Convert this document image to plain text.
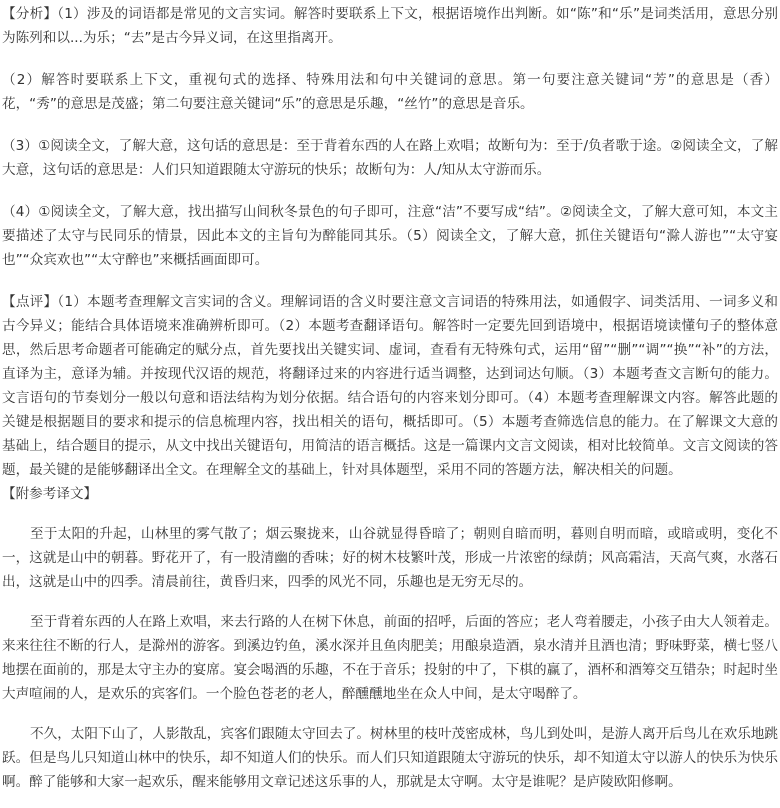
【分析】（1）涉及的词语都是常见的文言实词。解答时要联系上下文，根据语境作出判断。如“陈”和“乐”是词类活用，意思分别为陈列和以...为乐；“去”是古今异义词，在这里指离开。

（2）解答时要联系上下文，重视句式的选择、特殊用法和句中关键词的意思。第一句要注意关键词“芳”的意思是（香）花，“秀”的意思是茂盛；第二句要注意关键词“乐”的意思是乐趣，“丝竹”的意思是音乐。

（3）①阅读全文，了解大意，这句话的意思是：至于背着东西的人在路上欢唱；故断句为：至于/负者歌于途。②阅读全文，了解大意，这句话的意思是：人们只知道跟随太守游玩的快乐；故断句为：人/知从太守游而乐。

（4）①阅读全文，了解大意，找出描写山间秋冬景色的句子即可，注意“洁”不要写成“结”。②阅读全文，了解大意可知，本文主要描述了太守与民同乐的情景，因此本文的主旨句为醉能同其乐。（5）阅读全文，了解大意，抓住关键语句“滁人游也”“太守宴也”“众宾欢也”“太守醉也”来概括画面即可。

【点评】（1）本题考查理解文言实词的含义。理解词语的含义时要注意文言词语的特殊用法，如通假字、词类活用、一词多义和古今异义；能结合具体语境来准确辨析即可。（2）本题考查翻译语句。解答时一定要先回到语境中，根据语境读懂句子的整体意思，然后思考命题者可能确定的赋分点，首先要找出关键实词、虚词，查看有无特殊句式，运用“留”“删”“调”“换”“补”的方法，直译为主，意译为辅。并按现代汉语的规范，将翻译过来的内容进行适当调整，达到词达句顺。（3）本题考查文言断句的能力。文言语句的节奏划分一般以句意和语法结构为划分依据。结合语句的内容来划分即可。（4）本题考查理解课文内容。解答此题的关键是根据题目的要求和提示的信息梳理内容，找出相关的语句，概括即可。（5）本题考查筛选信息的能力。在了解课文大意的基础上，结合题目的提示，从文中找出关键语句，用简洁的语言概括。这是一篇课内文言文阅读，相对比较简单。文言文阅读的答题，最关键的是能够翻译出全文。在理解全文的基础上，针对具体题型，采用不同的答题方法，解决相关的问题。

【附参考译文】

至于太阳的升起，山林里的雾气散了；烟云聚拢来，山谷就显得昏暗了；朝则自暗而明，暮则自明而暗，或暗或明，变化不一，这就是山中的朝暮。野花开了，有一股清幽的香味；好的树木枝繁叶茂，形成一片浓密的绿荫；风高霜洁，天高气爽，水落石出，这就是山中的四季。清晨前往，黄昏归来，四季的风光不同，乐趣也是无穷无尽的。

至于背着东西的人在路上欢唱，来去行路的人在树下休息，前面的招呼，后面的答应；老人弯着腰走，小孩子由大人领着走。来来往往不断的行人，是滁州的游客。到溪边钓鱼，溪水深并且鱼肉肥美；用酿泉造酒，泉水清并且酒也清；野味野菜，横七竖八地摆在面前的，那是太守主办的宴席。宴会喝酒的乐趣，不在于音乐；投射的中了，下棋的赢了，酒杯和酒筹交互错杂；时起时坐大声喧闹的人，是欢乐的宾客们。一个脸色苍老的老人，醉醺醺地坐在众人中间，是太守喝醉了。

不久，太阳下山了，人影散乱，宾客们跟随太守回去了。树林里的枝叶茂密成林，鸟儿到处叫，是游人离开后鸟儿在欢乐地跳跃。但是鸟儿只知道山林中的快乐，却不知道人们的快乐。而人们只知道跟随太守游玩的快乐，却不知道太守以游人的快乐为快乐啊。醉了能够和大家一起欢乐，醒来能够用文章记述这乐事的人，那就是太守啊。太守是谁呢？是庐陵欧阳修啊。
